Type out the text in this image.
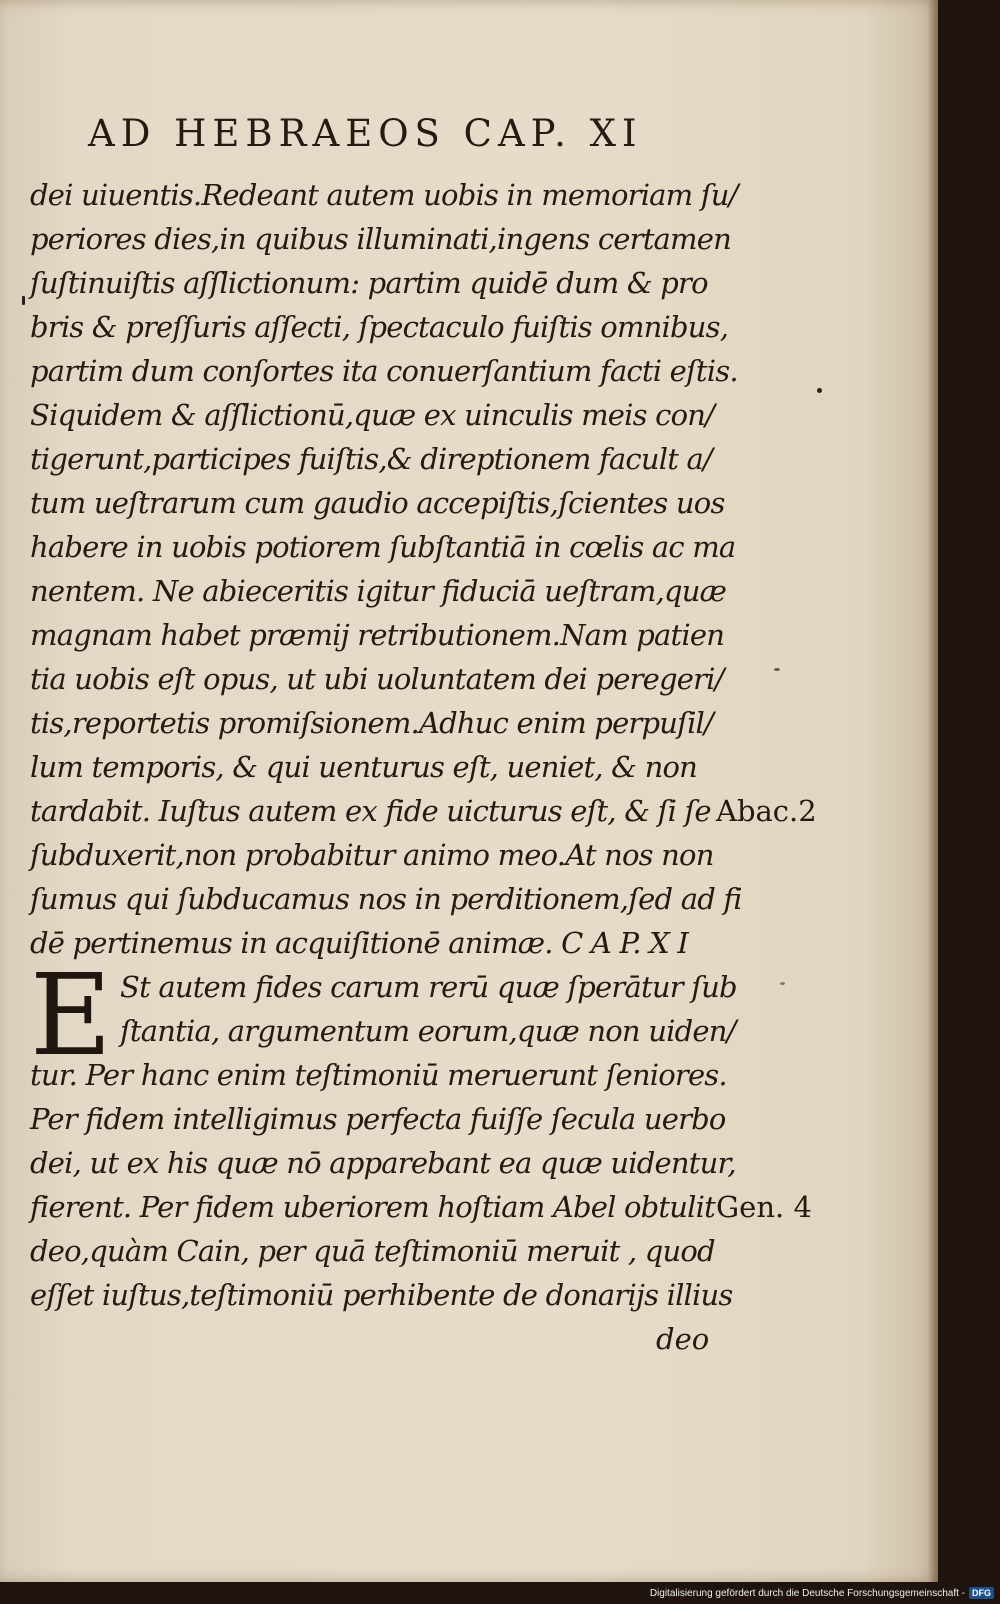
AD HEBRAEOS CAP. XI
dei uiuentis.Redeant autem uobis in memoriam ſu/
periores dies,in quibus illuminati,ingens certamen
ſuſtinuiſtis aſſlictionum: partim quidē dum & pro
bris & preſſuris aſſecti, ſpectaculo fuiſtis omnibus,
partim dum conſortes ita conuerſantium facti eſtis.
Siquidem & aſſlictionū,quæ ex uinculis meis con/
tigerunt,participes fuiſtis,& direptionem facult a/
tum ueſtrarum cum gaudio accepiſtis,ſcientes uos
habere in uobis potiorem ſubſtantiā in cœlis ac ma
nentem. Ne abieceritis igitur fiduciā ueſtram,quæ
magnam habet præmij retributionem.Nam patien
tia uobis eſt opus, ut ubi uoluntatem dei peregeri/
tis,reportetis promiſsionem.Adhuc enim perpuſil/
lum temporis, & qui uenturus eſt, ueniet, & non
tardabit. Iuſtus autem ex fide uicturus eſt, & ſi ſe
ſubduxerit,non probabitur animo meo.At nos non
ſumus qui ſubducamus nos in perditionem,ſed ad fi
dē pertinemus in acquiſitionē animæ. C A P. X I
E St autem fides carum rerū quæ ſperātur ſub
ſtantia, argumentum eorum,quæ non uiden/
tur. Per hanc enim teſtimoniū meruerunt ſeniores.
Per fidem intelligimus perfecta fuiſſe ſecula uerbo
dei, ut ex his quæ nō apparebant ea quæ uidentur,
fierent. Per fidem uberiorem hoſtiam Abel obtulit
deo,quàm Cain, per quā teſtimoniū meruit , quod
eſſet iuſtus,teſtimoniū perhibente de donarijs illius
deo
Abac.2
Gen. 4
Digitalisierung gefördert durch die Deutsche Forschungsgemeinschaft - DFG
